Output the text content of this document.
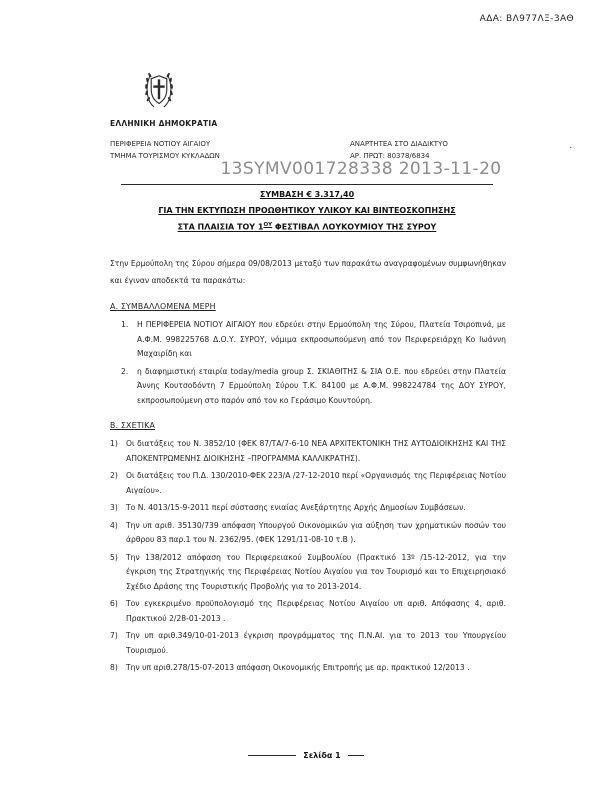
ΑΔΑ: ΒΛ977ΛΞ-3ΑΘ
ΕΛΛΗΝΙΚΗ ΔΗΜΟΚΡΑΤΙΑ
ΠΕΡΙΦΕΡΕΙΑ ΝΟΤΙΟΥ ΑΙΓΑΙΟΥ
ΤΜΗΜΑ ΤΟΥΡΙΣΜΟΥ ΚΥΚΛΑΔΩΝ
ΑΝΑΡΤΗΤΕΑ ΣΤΟ ΔΙΑΔΙΚΤΥΟ
ΑΡ. ΠΡΩΤ: 80378/6834
.
13SYMV001728338 2013-11-20
ΣΥΜΒΑΣΗ € 3.317,40
ΓΙΑ ΤΗΝ ΕΚΤΥΠΩΣΗ ΠΡΟΩΘΗΤΙΚΟΥ ΥΛΙΚΟΥ ΚΑΙ ΒΙΝΤΕΟΣΚΟΠΗΣΗΣ
ΣΤΑ ΠΛΑΙΣΙΑ ΤΟΥ $1^{O\Upsilon}$ ΦΕΣΤΙΒΑΛ ΛΟΥΚΟΥΜΙΟΥ ΤΗΣ ΣΥΡΟΥ

Στην Ερμούπολη της Σύρου σήμερα 09/08/2013 μεταξύ των παρακάτω αναγραφομένων συμφωνήθηκαν και έγιναν αποδεκτά τα παρακάτω:

Α. ΣΥΜΒΑΛΛΟΜΕΝΑ ΜΕΡΗ
1.	Η ΠΕΡΙΦΕΡΕΙΑ ΝΟΤΙΟΥ ΑΙΓΑΙΟΥ που εδρεύει στην Ερμούπολη της Σύρου, Πλατεία Τσιροπινά, με Α.Φ.Μ. 998225768 Δ.Ο.Υ. ΣΥΡΟΥ, νόμιμα εκπροσωπούμενη από τον Περιφερειάρχη Κο Ιωάννη Μαχαιρίδη και
2.	η διαφημιστική εταιρία today/media group Σ. ΣΚΙΑΘΙΤΗΣ & ΣΙΑ Ο.Ε. που εδρεύει στην Πλατεία Άννης Κουτσοδόντη 7 Ερμούπολη Σύρου Τ.Κ. 84100 με Α.Φ.Μ. 998224784 της ΔΟΥ ΣΥΡΟΥ, εκπροσωπούμενη στο παρόν από τον κο Γεράσιμο Κουντούρη.
Β. ΣΧΕΤΙΚΑ
1)	Οι διατάξεις του Ν. 3852/10 (ΦΕΚ 87/ΤΑ/7-6-10 ΝΕΑ ΑΡΧΙΤΕΚΤΟΝΙΚΗ ΤΗΣ ΑΥΤΟΔΙΟΙΚΗΣΗΣ ΚΑΙ ΤΗΣ ΑΠΟΚΕΝΤΡΩΜΕΝΗΣ ΔΙΟΙΚΗΣΗΣ –ΠΡΟΓΡΑΜΜΑ ΚΑΛΛΙΚΡΑΤΗΣ).
2)	Οι διατάξεις του Π.Δ. 130/2010-ΦΕΚ 223/Α /27-12-2010 περί «Οργανισμός της Περιφέρειας Νοτίου Αιγαίου».
3)	Το Ν. 4013/15-9-2011 περί σύστασης ενιαίας Ανεξάρτητης Αρχής Δημοσίων Συμβάσεων.
4)	Την υπ αριθ. 35130/739 απόφαση Υπουργού Οικονομικών για αύξηση των χρηματικών ποσών του άρθρου 83 παρ.1 του Ν. 2362/95. (ΦΕΚ 1291/11-08-10 τ.Β ).
5)	Την 138/2012 απόφαση του Περιφερειακού Συμβουλίου (Πρακτικό 13º /15-12-2012, για την έγκριση της Στρατηγικής της Περιφέρειας Νοτίου Αιγαίου για τον Τουρισμό και το Επιχειρησιακό Σχέδιο Δράσης της Τουριστικής Προβολής για το 2013-2014.
6)	Τον εγκεκριμένο προϋπολογισμό της Περιφέρειας Νοτίου Αιγαίου υπ αριθ. Απόφασης 4, αριθ. Πρακτικού 2/28-01-2013 .
7)	Την υπ αριθ.349/10-01-2013 έγκριση προγράμματος της Π.Ν.ΑΙ. για το 2013 του Υπουργείου Τουρισμού.
8)	Την υπ αριθ.278/15-07-2013 απόφαση Οικονομικής Επιτροπής με αρ. πρακτικού 12/2013 .
Σελίδα 1
